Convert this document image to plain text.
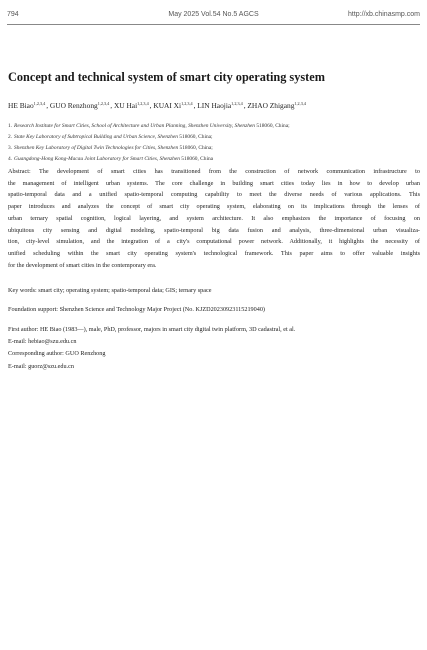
794	May 2025 Vol.54 No.5 AGCS	http://xb.chinasmp.com
Concept and technical system of smart city operating system
HE Biao$^{1,2,3,4}$, GUO Renzhong$^{1,2,3,4}$, XU Hai$^{1,2,3,4}$, KUAI Xi$^{1,2,3,4}$, LIN Haojia$^{1,2,3,4}$, ZHAO Zhigang$^{1,2,3,4}$
1. Research Institute for Smart Cities, School of Architecture and Urban Planning, Shenzhen University, Shenzhen 518060, China;
2. State Key Laboratory of Subtropical Building and Urban Science, Shenzhen 518060, China;
3. Shenzhen Key Laboratory of Digital Twin Technologies for Cities, Shenzhen 518060, China;
4. Guangdong-Hong Kong-Macau Joint Laboratory for Smart Cities, Shenzhen 518060, China
Abstract: The development of smart cities has transitioned from the construction of network communication infrastructure to
the management of intelligent urban systems. The core challenge in building smart cities today lies in how to develop urban
spatio-temporal data and a unified spatio-temporal computing capability to meet the diverse needs of various applications. This
paper introduces and analyzes the concept of smart city operating system, elaborating on its implications through the lenses of
urban ternary spatial cognition, logical layering, and system architecture. It also emphasizes the importance of focusing on
ubiquitous city sensing and digital modeling, spatio-temporal big data fusion and analysis, three-dimensional urban visualiza-
tion, city-level simulation, and the integration of a city's computational power network. Additionally, it highlights the necessity of
unified scheduling within the smart city operating system's technological framework. This paper aims to offer valuable insights
for the development of smart cities in the contemporary era.
Key words: smart city; operating system; spatio-temporal data; GIS; ternary space
Foundation support: Shenzhen Science and Technology Major Project (No. KJZD20230923115219040)
First author: HE Biao (1983—), male, PhD, professor, majors in smart city digital twin platform, 3D cadastral, et al.
E-mail: hebiao@szu.edu.cn
Corresponding author: GUO Renzhong
E-mail: guorz@szu.edu.cn
